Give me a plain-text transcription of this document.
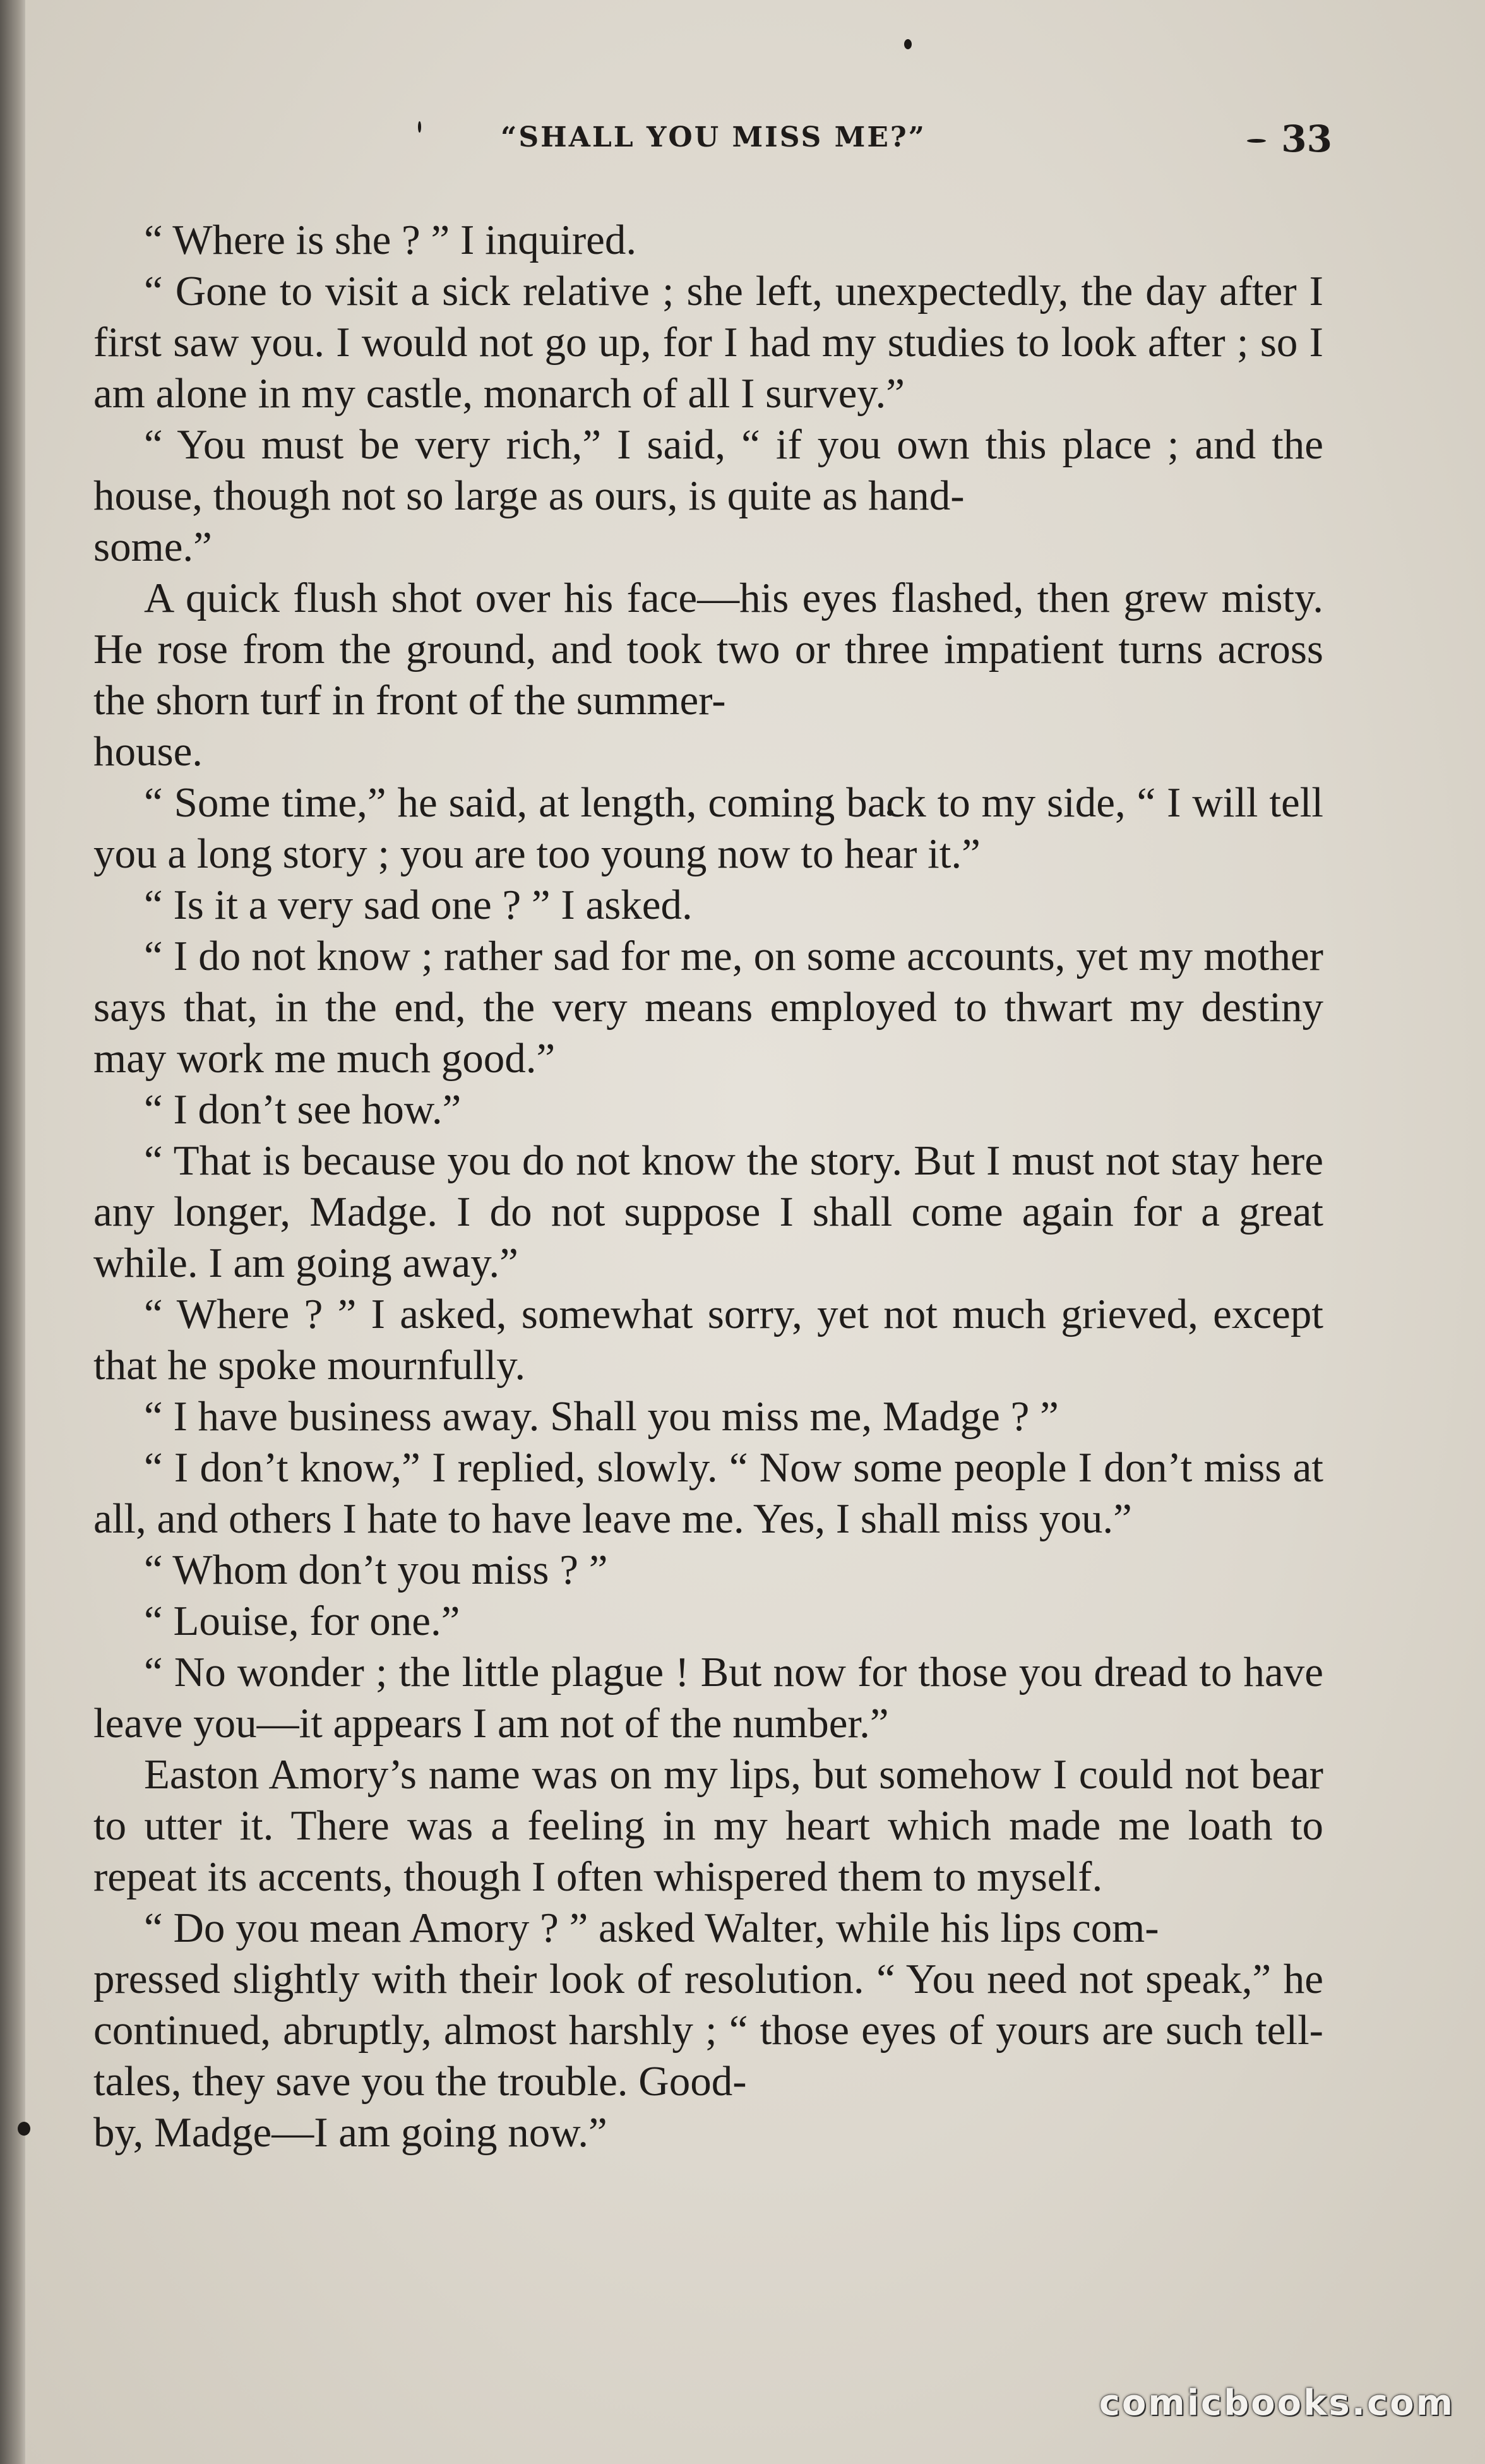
“SHALL YOU MISS ME?”	33

“ Where is she ? ” I inquired.

“ Gone to visit a sick relative ; she left, unexpectedly, the day after I first saw you. I would not go up, for I had my studies to look after ; so I am alone in my castle, monarch of all I survey.”

“ You must be very rich,” I said, “ if you own this place ; and the house, though not so large as ours, is quite as hand-
some.”

A quick flush shot over his face—his eyes flashed, then grew misty. He rose from the ground, and took two or three impatient turns across the shorn turf in front of the summer-
house.

“ Some time,” he said, at length, coming back to my side, “ I will tell you a long story ; you are too young now to hear it.”

“ Is it a very sad one ? ” I asked.

“ I do not know ; rather sad for me, on some accounts, yet my mother says that, in the end, the very means employed to thwart my destiny may work me much good.”

“ I don’t see how.”

“ That is because you do not know the story. But I must not stay here any longer, Madge. I do not suppose I shall come again for a great while. I am going away.”

“ Where ? ” I asked, somewhat sorry, yet not much grieved, except that he spoke mournfully.

“ I have business away. Shall you miss me, Madge ? ”

“ I don’t know,” I replied, slowly. “ Now some people I don’t miss at all, and others I hate to have leave me. Yes, I shall miss you.”

“ Whom don’t you miss ? ”

“ Louise, for one.”

“ No wonder ; the little plague ! But now for those you dread to have leave you—it appears I am not of the number.”

Easton Amory’s name was on my lips, but somehow I could not bear to utter it. There was a feeling in my heart which made me loath to repeat its accents, though I often whispered them to myself.

“ Do you mean Amory ? ” asked Walter, while his lips com-
pressed slightly with their look of resolution. “ You need not speak,” he continued, abruptly, almost harshly ; “ those eyes of yours are such tell-tales, they save you the trouble. Good-
by, Madge—I am going now.”

comicbooks.com
